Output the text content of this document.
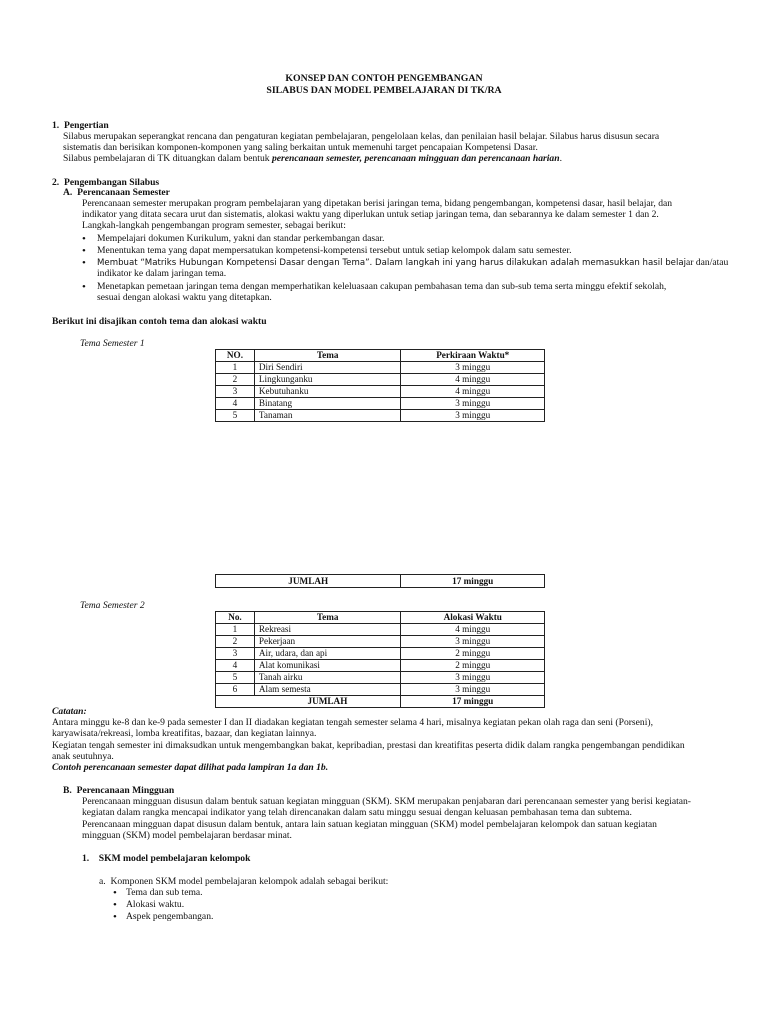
KONSEP DAN CONTOH PENGEMBANGAN
SILABUS DAN MODEL PEMBELAJARAN DI TK/RA
1.  Pengertian
Silabus merupakan seperangkat rencana dan pengaturan kegiatan pembelajaran, pengelolaan kelas, dan penilaian hasil belajar. Silabus harus disusun secara
sistematis dan berisikan komponen-komponen yang saling berkaitan untuk memenuhi target pencapaian Kompetensi Dasar.
Silabus pembelajaran di TK dituangkan dalam bentuk perencanaan semester, perencanaan mingguan dan perencanaan harian.
2.  Pengembangan Silabus
A.  Perencanaan Semester
Perencanaan semester merupakan program pembelajaran yang dipetakan berisi jaringan tema, bidang pengembangan, kompetensi dasar, hasil belajar, dan
indikator yang ditata secara urut dan sistematis, alokasi waktu yang diperlukan untuk setiap jaringan tema, dan sebarannya ke dalam semester 1 dan 2.
Langkah-langkah pengembangan program semester, sebagai berikut:
•
Mempelajari dokumen Kurikulum, yakni dan standar perkembangan dasar.
•
Menentukan tema yang dapat mempersatukan kompetensi-kompetensi tersebut untuk setiap kelompok dalam satu semester.
•
Membuat “Matriks Hubungan Kompetensi Dasar dengan Tema”. Dalam langkah ini yang harus dilakukan adalah memasukkan hasil belajar dan/atau
indikator ke dalam jaringan tema.
•
Menetapkan pemetaan jaringan tema dengan memperhatikan keleluasaan cakupan pembahasan tema dan sub-sub tema serta minggu efektif sekolah,
sesuai dengan alokasi waktu yang ditetapkan.
Berikut ini disajikan contoh tema dan alokasi waktu
Tema Semester 1
NO.	Tema	Perkiraan Waktu*
1	Diri Sendiri	3 minggu
2	Lingkunganku	4 minggu
3	Kebutuhanku	4 minggu
4	Binatang	3 minggu
5	Tanaman	3 minggu
JUMLAH	17 minggu
Tema Semester 2
No.	Tema	Alokasi Waktu
1	Rekreasi	4 minggu
2	Pekerjaan	3 minggu
3	Air, udara, dan api	2 minggu
4	Alat komunikasi	2 minggu
5	Tanah airku	3 minggu
6	Alam semesta	3 minggu
	JUMLAH	17 minggu
Catatan:
Antara minggu ke-8 dan ke-9 pada semester I dan II diadakan kegiatan tengah semester selama 4 hari, misalnya kegiatan pekan olah raga dan seni (Porseni),
karyawisata/rekreasi, lomba kreatifitas, bazaar, dan kegiatan lainnya.
Kegiatan tengah semester ini dimaksudkan untuk mengembangkan bakat, kepribadian, prestasi dan kreatifitas peserta didik dalam rangka pengembangan pendidikan
anak seutuhnya.
Contoh perencanaan semester dapat dilihat pada lampiran 1a dan 1b.
B.  Perencanaan Mingguan
Perencanaan mingguan disusun dalam bentuk satuan kegiatan mingguan (SKM). SKM merupakan penjabaran dari perencanaan semester yang berisi kegiatan-
kegiatan dalam rangka mencapai indikator yang telah direncanakan dalam satu minggu sesuai dengan keluasan pembahasan tema dan subtema.
Perencanaan mingguan dapat disusun dalam bentuk, antara lain satuan kegiatan mingguan (SKM) model pembelajaran kelompok dan satuan kegiatan
mingguan (SKM) model pembelajaran berdasar minat.
1.    SKM model pembelajaran kelompok
a.  Komponen SKM model pembelajaran kelompok adalah sebagai berikut:
• Tema dan sub tema.
• Alokasi waktu.
• Aspek pengembangan.
